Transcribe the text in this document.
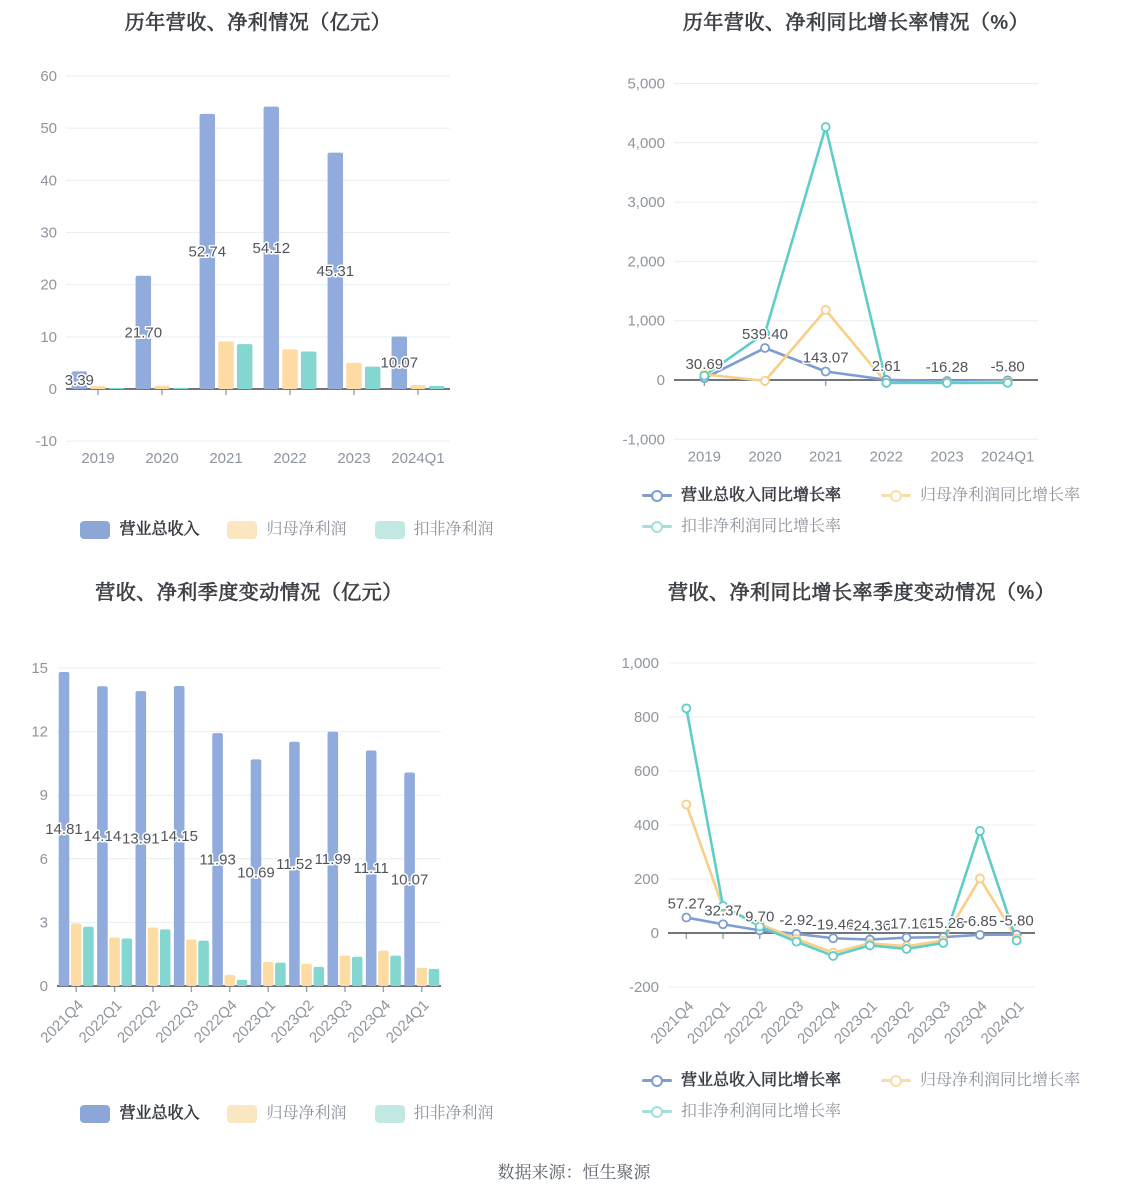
历年营收、净利情况（亿元）
60
50
40
30
20
10
0
-10
2019 2020 2021 2022 2023 2024Q1
3.39
21.70
52.74 54.12
45.31
10.07
营业总收入	归母净利润	扣非净利润
历年营收、净利同比增长率情况（%）
5,000
4,000
3,000
2,000
1,000
0
-1,000
2019 2020 2021 2022 2023 2024Q1
30.69
539.40
143.07 2.61 -16.28 -5.80
营业总收入同比增长率	归母净利润同比增长率
扣非净利润同比增长率
营收、净利季度变动情况（亿元）
15
12
9
6
3
0
2021Q4
2022Q1
2022Q2
2022Q3
2022Q4
2023Q1
2023Q2
2023Q3
2023Q4
2024Q1
14.81 14.14 13.91 14.15
11.93
10.69
11.52 11.99
11.11
10.07
营业总收入	归母净利润	扣非净利润
营收、净利同比增长率季度变动情况（%）
1,000
800
600
400
200
0
-200
2021Q4
2022Q1
2022Q2
2022Q3
2022Q4
2023Q1
2023Q2
2023Q3
2023Q4
2024Q1
57.27 32.37 9.70 -2.92
-19.46
-24.36
-17.16
-15.28
-6.85 -5.80
营业总收入同比增长率	归母净利润同比增长率
扣非净利润同比增长率
数据来源：恒生聚源
